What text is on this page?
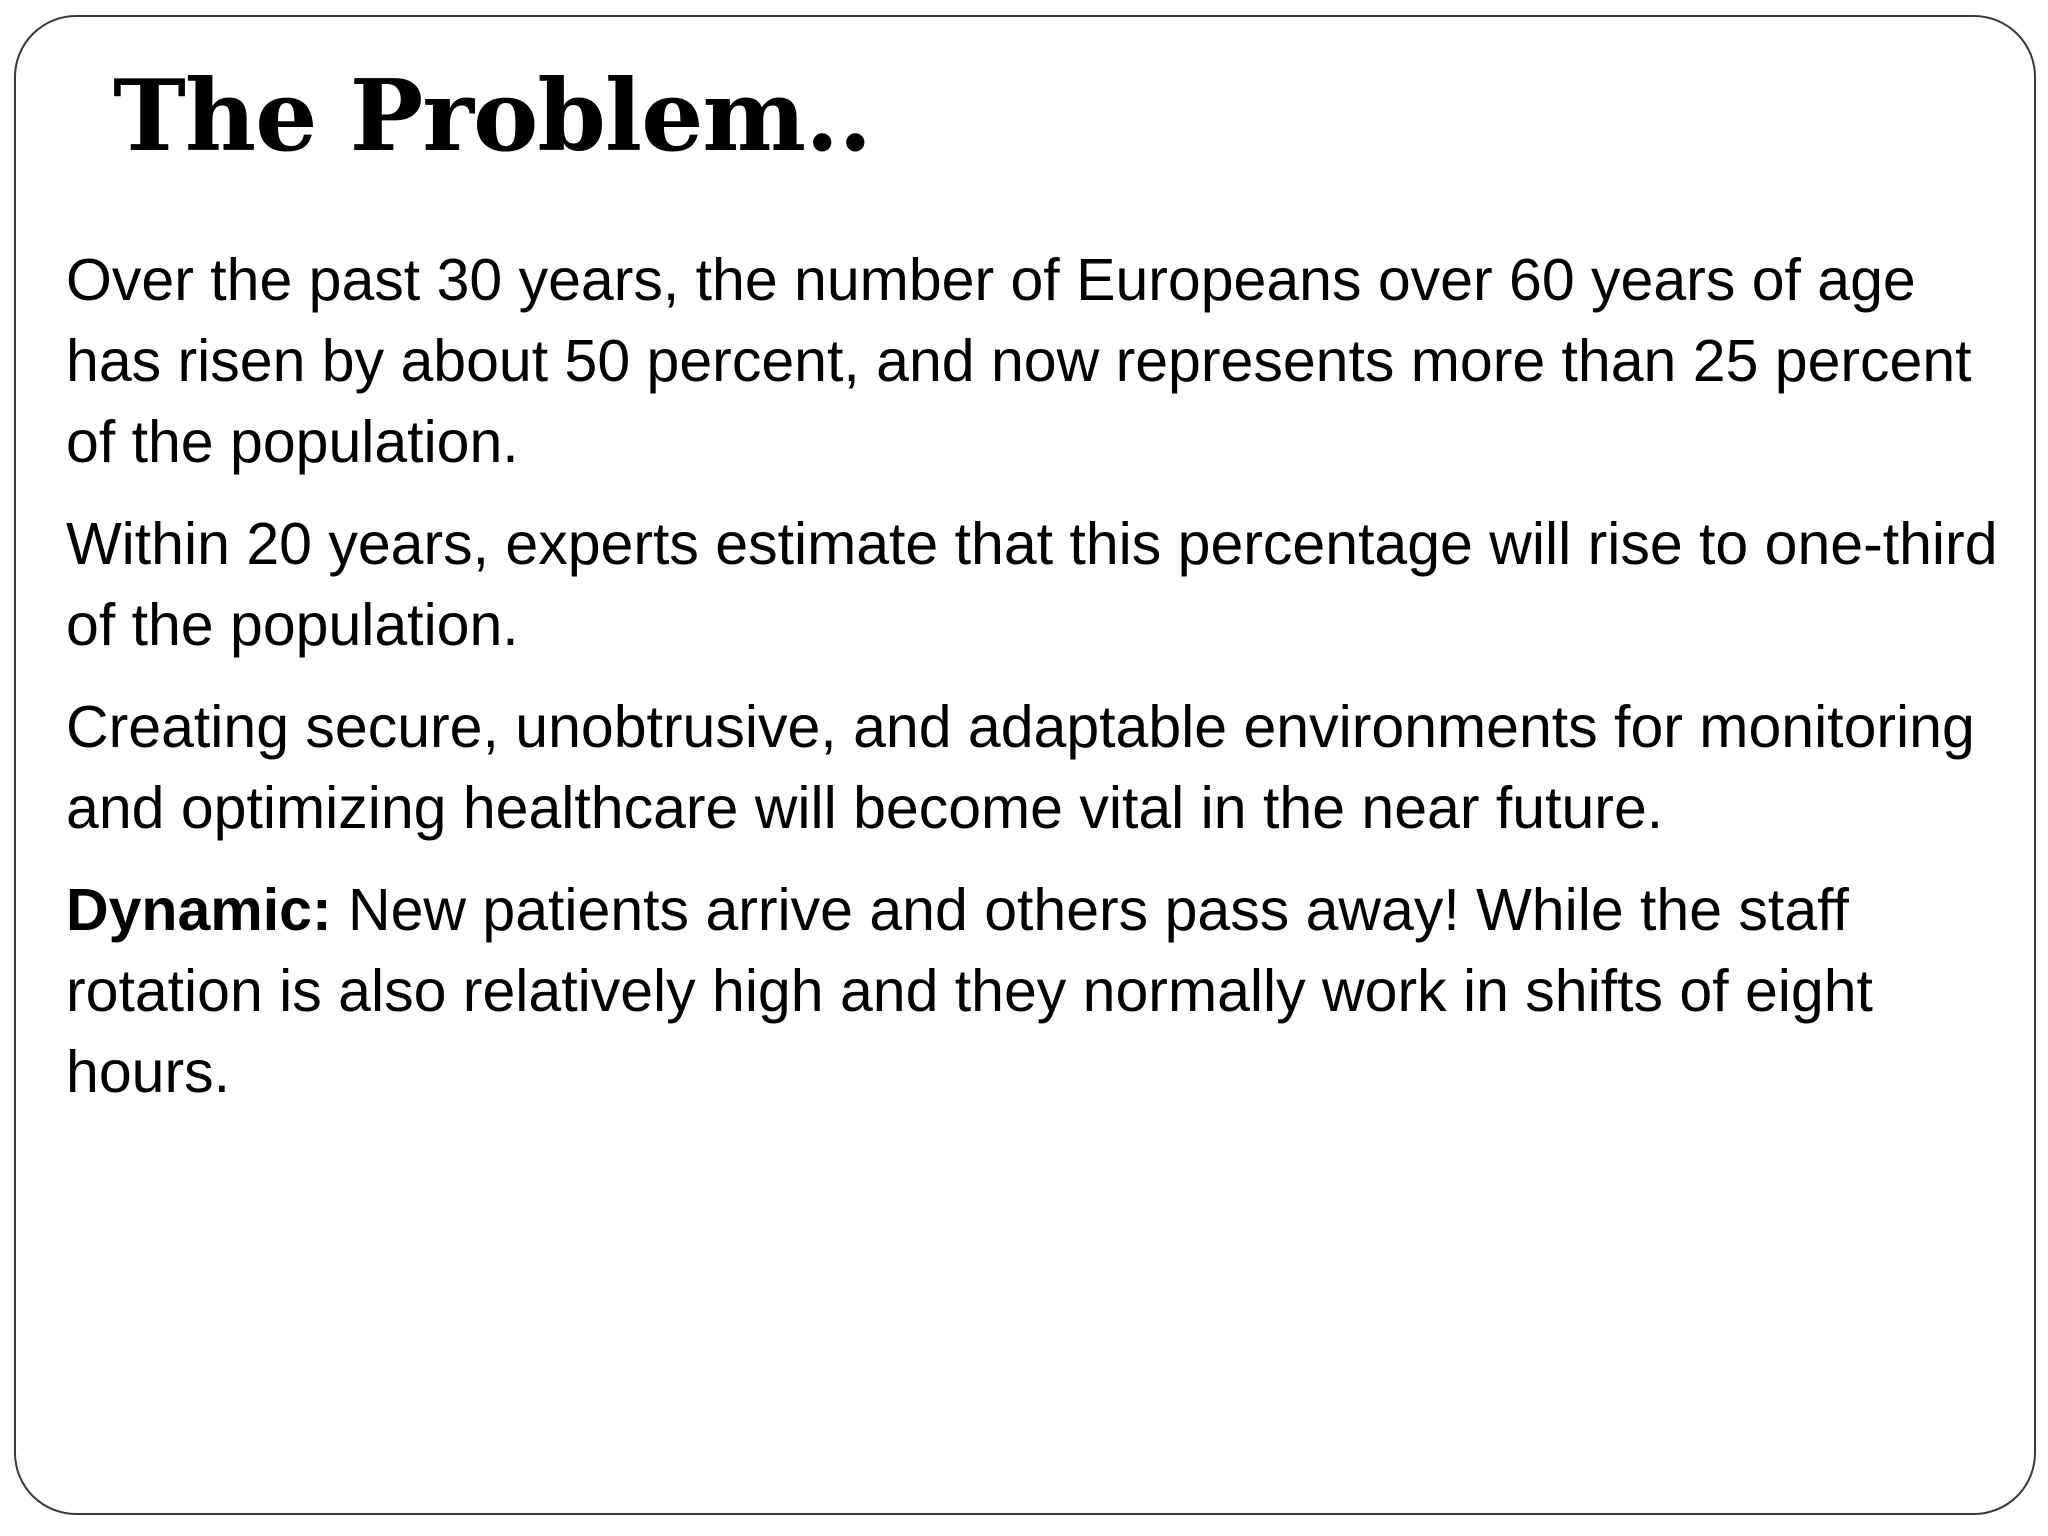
The Problem..

Over the past 30 years, the number of Europeans over 60 years of age has risen by about 50 percent, and now represents more than 25 percent of the population.

Within 20 years, experts estimate that this percentage will rise to one-third of the population.

Creating secure, unobtrusive, and adaptable environments for monitoring and optimizing healthcare will become vital in the near future.

Dynamic: New patients arrive and others pass away! While the staff rotation is also relatively high and they normally work in shifts of eight hours.
